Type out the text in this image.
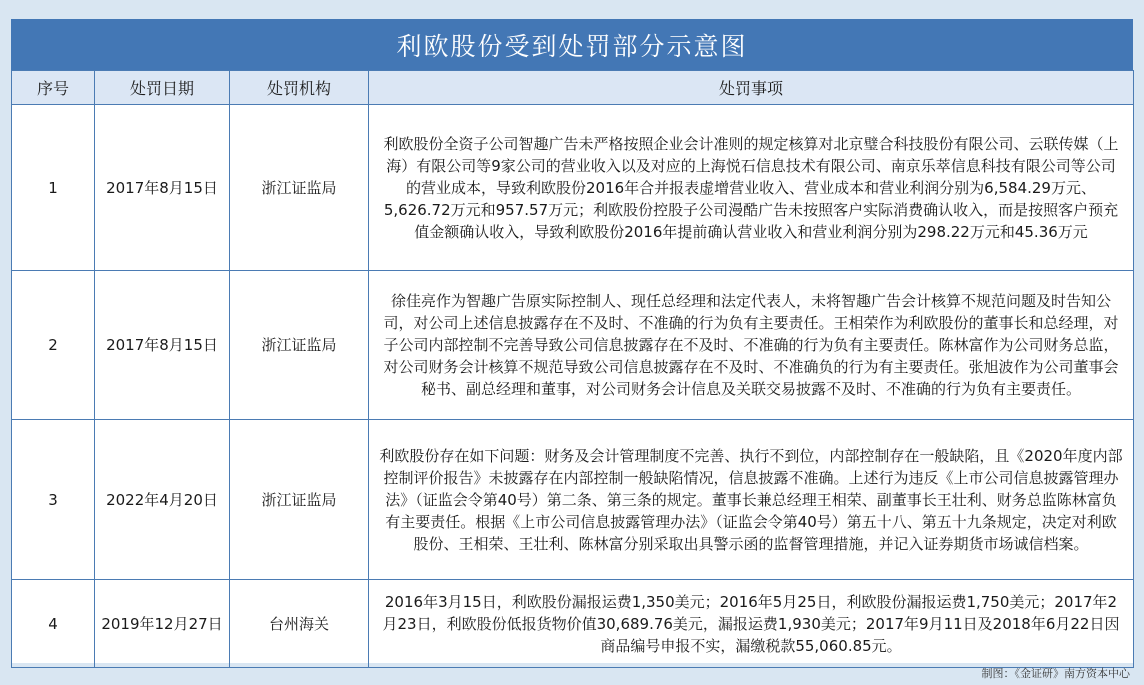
利欧股份受到处罚部分示意图
序号	处罚日期	处罚机构	处罚事项
1	2017年8月15日	浙江证监局	利欧股份全资子公司智趣广告未严格按照企业会计准则的规定核算对北京璧合科技股份有限公司、云联传媒（上海）有限公司等9家公司的营业收入以及对应的上海悦石信息技术有限公司、南京乐萃信息科技有限公司等公司的营业成本，导致利欧股份2016年合并报表虚增营业收入、营业成本和营业利润分别为6,584.29万元、5,626.72万元和957.57万元；利欧股份控股子公司漫酷广告未按照客户实际消费确认收入，而是按照客户预充值金额确认收入，导致利欧股份2016年提前确认营业收入和营业利润分别为298.22万元和45.36万元
2	2017年8月15日	浙江证监局	徐佳亮作为智趣广告原实际控制人、现任总经理和法定代表人，未将智趣广告会计核算不规范问题及时告知公司，对公司上述信息披露存在不及时、不准确的行为负有主要责任。王相荣作为利欧股份的董事长和总经理，对子公司内部控制不完善导致公司信息披露存在不及时、不准确的行为负有主要责任。陈林富作为公司财务总监，对公司财务会计核算不规范导致公司信息披露存在不及时、不准确负的行为有主要责任。张旭波作为公司董事会秘书、副总经理和董事，对公司财务会计信息及关联交易披露不及时、不准确的行为负有主要责任。
3	2022年4月20日	浙江证监局	利欧股份存在如下问题：财务及会计管理制度不完善、执行不到位，内部控制存在一般缺陷，且《2020年度内部控制评价报告》未披露存在内部控制一般缺陷情况，信息披露不准确。上述行为违反《上市公司信息披露管理办法》（证监会令第40号）第二条、第三条的规定。董事长兼总经理王相荣、副董事长王壮利、财务总监陈林富负有主要责任。根据《上市公司信息披露管理办法》（证监会令第40号）第五十八、第五十九条规定，决定对利欧股份、王相荣、王壮利、陈林富分别采取出具警示函的监督管理措施，并记入证券期货市场诚信档案。
4	2019年12月27日	台州海关	2016年3月15日，利欧股份漏报运费1,350美元；2016年5月25日，利欧股份漏报运费1,750美元；2017年2月23日，利欧股份低报货物价值30,689.76美元，漏报运费1,930美元；2017年9月11日及2018年6月22日因商品编号申报不实，漏缴税款55,060.85元。
制图：《金证研》南方资本中心
